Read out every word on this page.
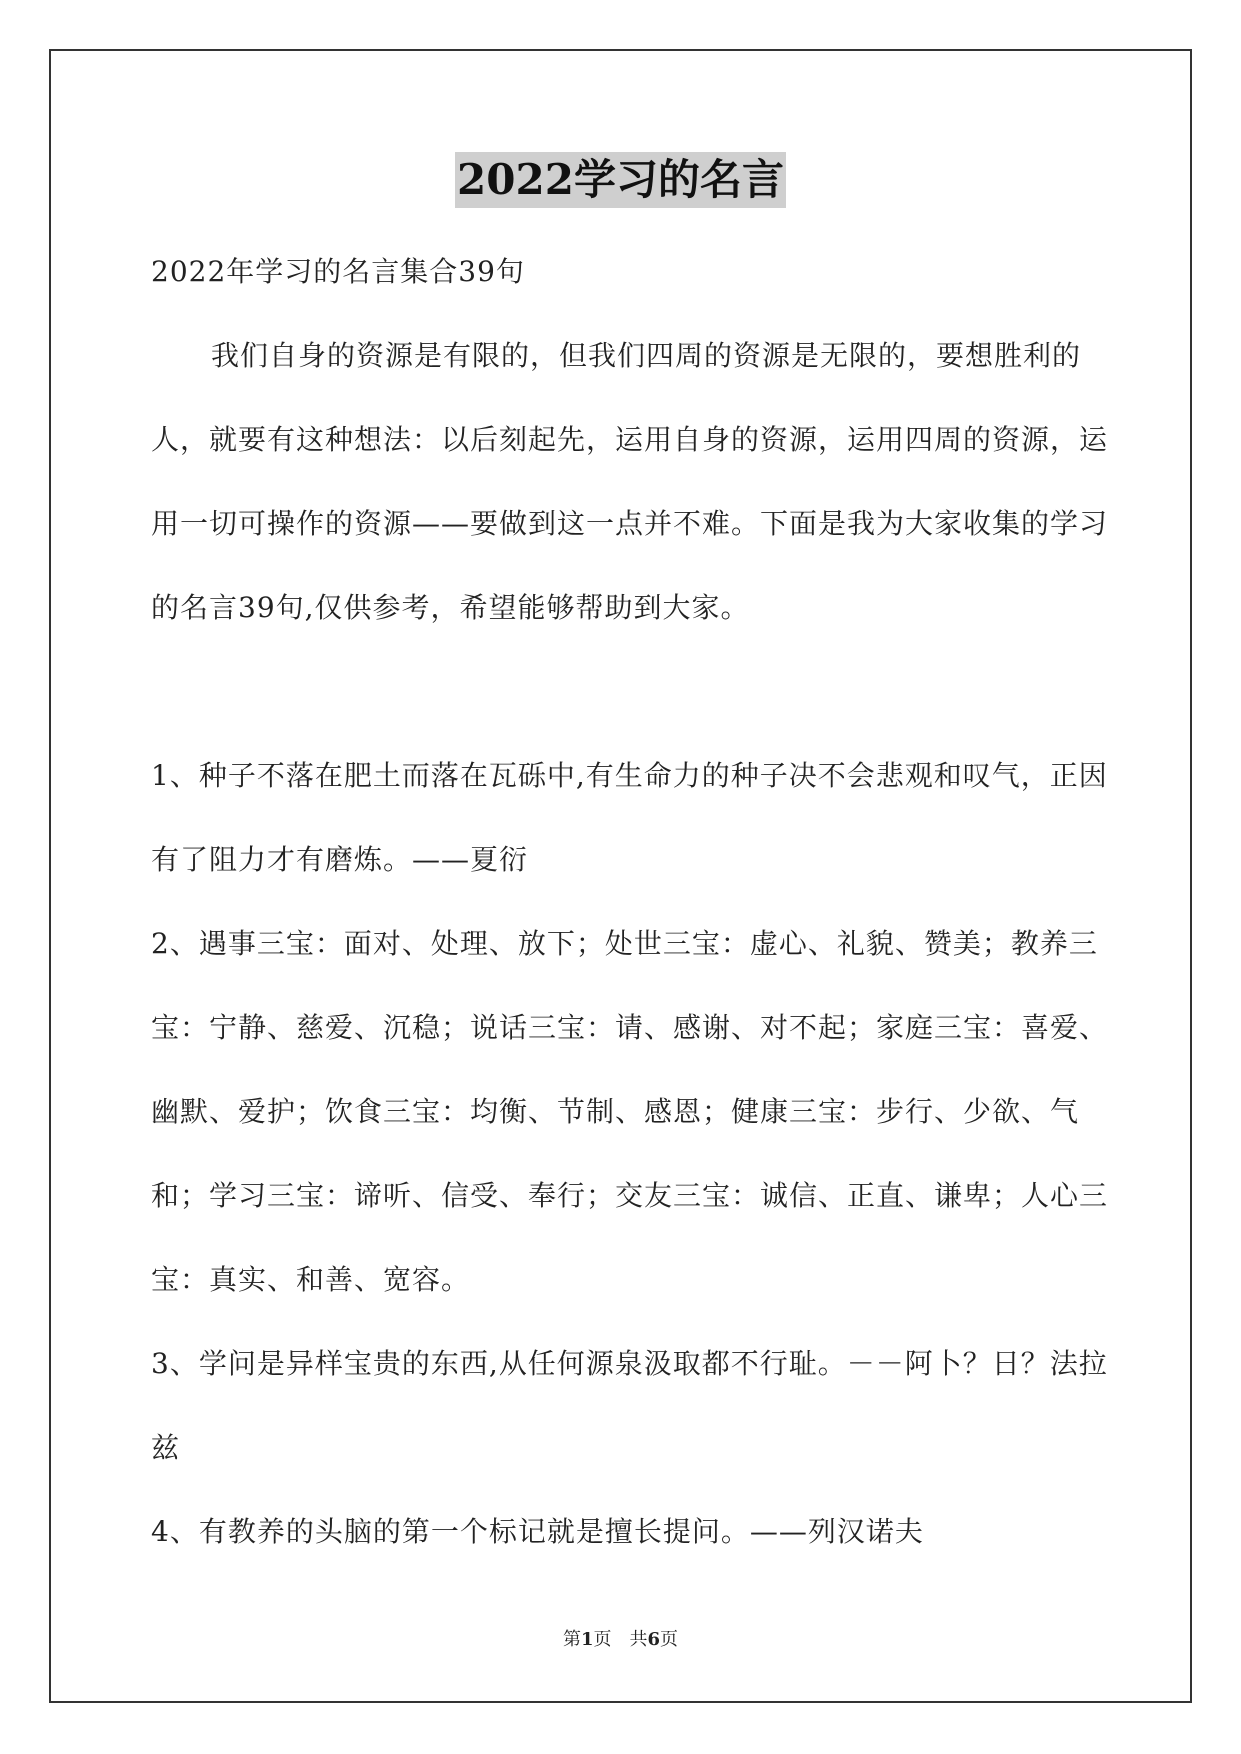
2022学习的名言

2022年学习的名言集合39句

我们自身的资源是有限的，但我们四周的资源是无限的，要想胜利的人，就要有这种想法：以后刻起先，运用自身的资源，运用四周的资源，运用一切可操作的资源——要做到这一点并不难。下面是我为大家收集的学习的名言39句,仅供参考，希望能够帮助到大家。

1、种子不落在肥土而落在瓦砾中,有生命力的种子决不会悲观和叹气，正因有了阻力才有磨炼。——夏衍

2、遇事三宝：面对、处理、放下；处世三宝：虚心、礼貌、赞美；教养三宝：宁静、慈爱、沉稳；说话三宝：请、感谢、对不起；家庭三宝：喜爱、幽默、爱护；饮食三宝：均衡、节制、感恩；健康三宝：步行、少欲、气和；学习三宝：谛听、信受、奉行；交友三宝：诚信、正直、谦卑；人心三宝：真实、和善、宽容。

3、学问是异样宝贵的东西,从任何源泉汲取都不行耻。－－阿卜？日？法拉兹

4、有教养的头脑的第一个标记就是擅长提问。——列汉诺夫

第1页　共6页
